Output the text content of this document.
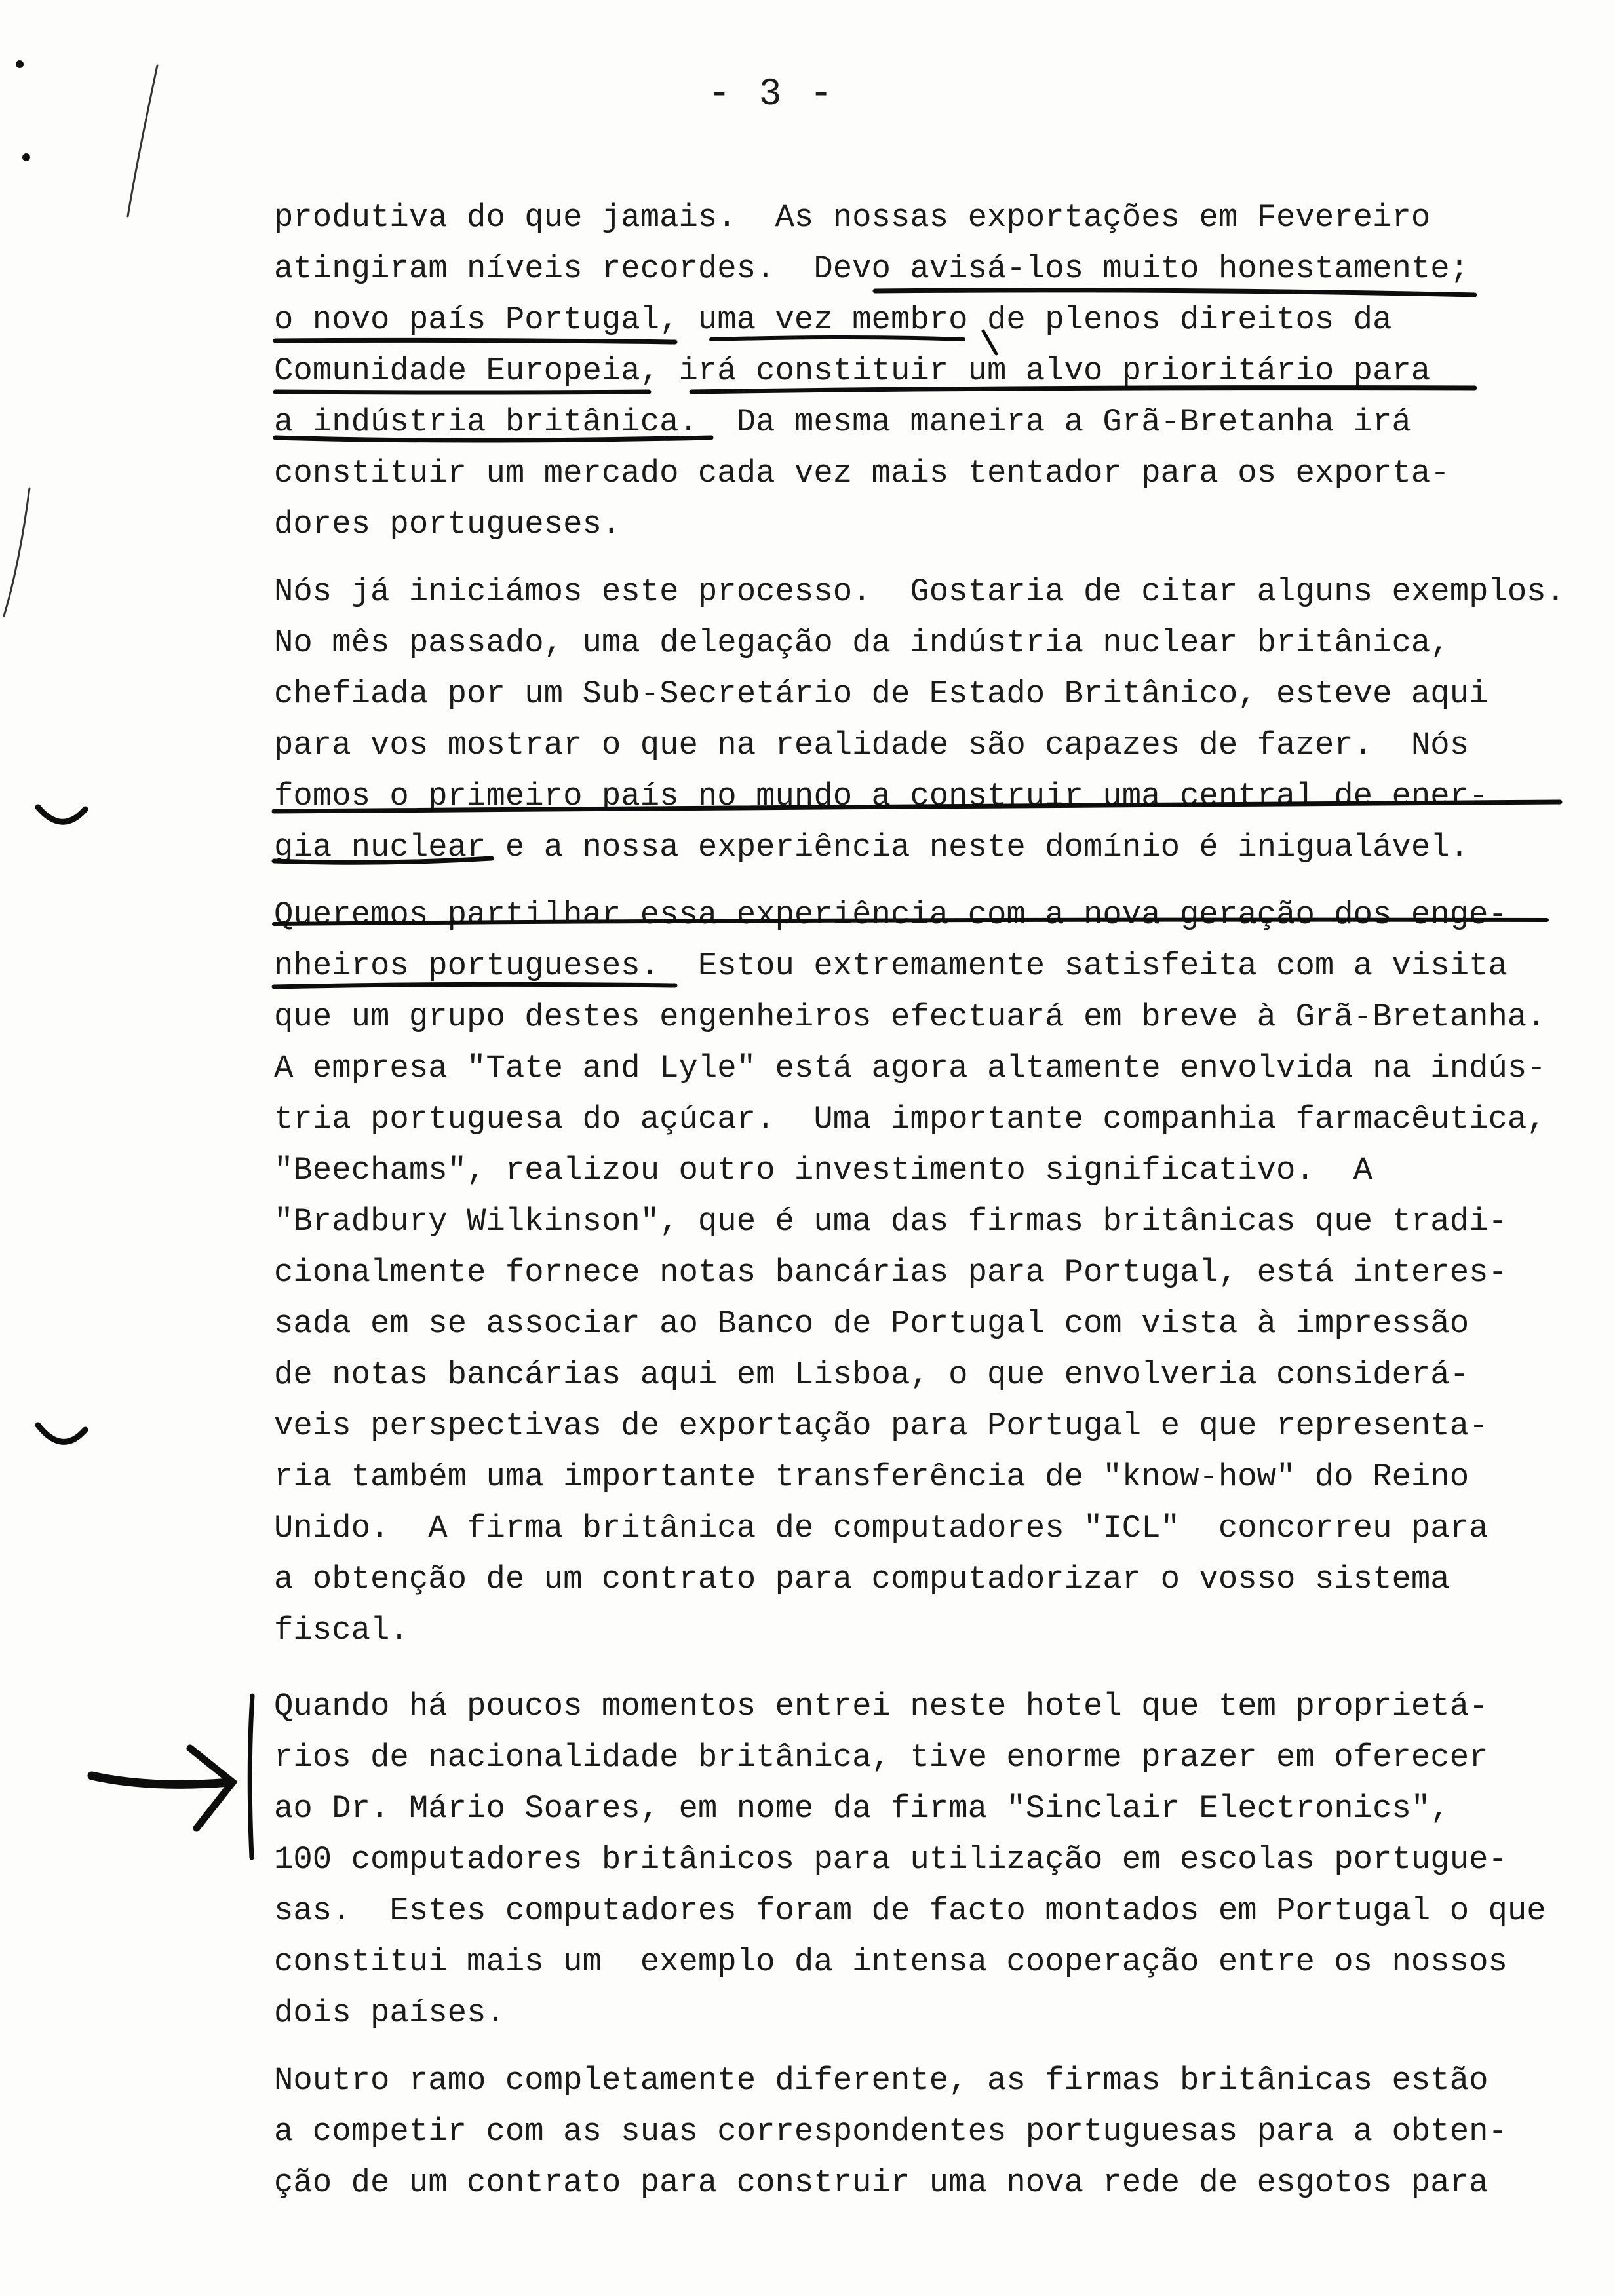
- 3 -
produtiva do que jamais.  As nossas exportações em Fevereiro
atingiram níveis recordes.  Devo avisá-los muito honestamente;
o novo país Portugal, uma vez membro de plenos direitos da
Comunidade Europeia, irá constituir um alvo prioritário para
a indústria britânica.  Da mesma maneira a Grã-Bretanha irá
constituir um mercado cada vez mais tentador para os exporta-
dores portugueses.
Nós já iniciámos este processo.  Gostaria de citar alguns exemplos.
No mês passado, uma delegação da indústria nuclear britânica,
chefiada por um Sub-Secretário de Estado Britânico, esteve aqui
para vos mostrar o que na realidade são capazes de fazer.  Nós
fomos o primeiro país no mundo a construir uma central de ener-
gia nuclear e a nossa experiência neste domínio é inigualável.
Queremos partilhar essa experiência com a nova geração dos enge-
nheiros portugueses.  Estou extremamente satisfeita com a visita
que um grupo destes engenheiros efectuará em breve à Grã-Bretanha.
A empresa "Tate and Lyle" está agora altamente envolvida na indús-
tria portuguesa do açúcar.  Uma importante companhia farmacêutica,
"Beechams", realizou outro investimento significativo.  A
"Bradbury Wilkinson", que é uma das firmas britânicas que tradi-
cionalmente fornece notas bancárias para Portugal, está interes-
sada em se associar ao Banco de Portugal com vista à impressão
de notas bancárias aqui em Lisboa, o que envolveria considerá-
veis perspectivas de exportação para Portugal e que representa-
ria também uma importante transferência de "know-how" do Reino
Unido.  A firma britânica de computadores "ICL"  concorreu para
a obtenção de um contrato para computadorizar o vosso sistema
fiscal.
Quando há poucos momentos entrei neste hotel que tem proprietá-
rios de nacionalidade britânica, tive enorme prazer em oferecer
ao Dr. Mário Soares, em nome da firma "Sinclair Electronics",
100 computadores britânicos para utilização em escolas portugue-
sas.  Estes computadores foram de facto montados em Portugal o que
constitui mais um  exemplo da intensa cooperação entre os nossos
dois países.
Noutro ramo completamente diferente, as firmas britânicas estão
a competir com as suas correspondentes portuguesas para a obten-
ção de um contrato para construir uma nova rede de esgotos para
